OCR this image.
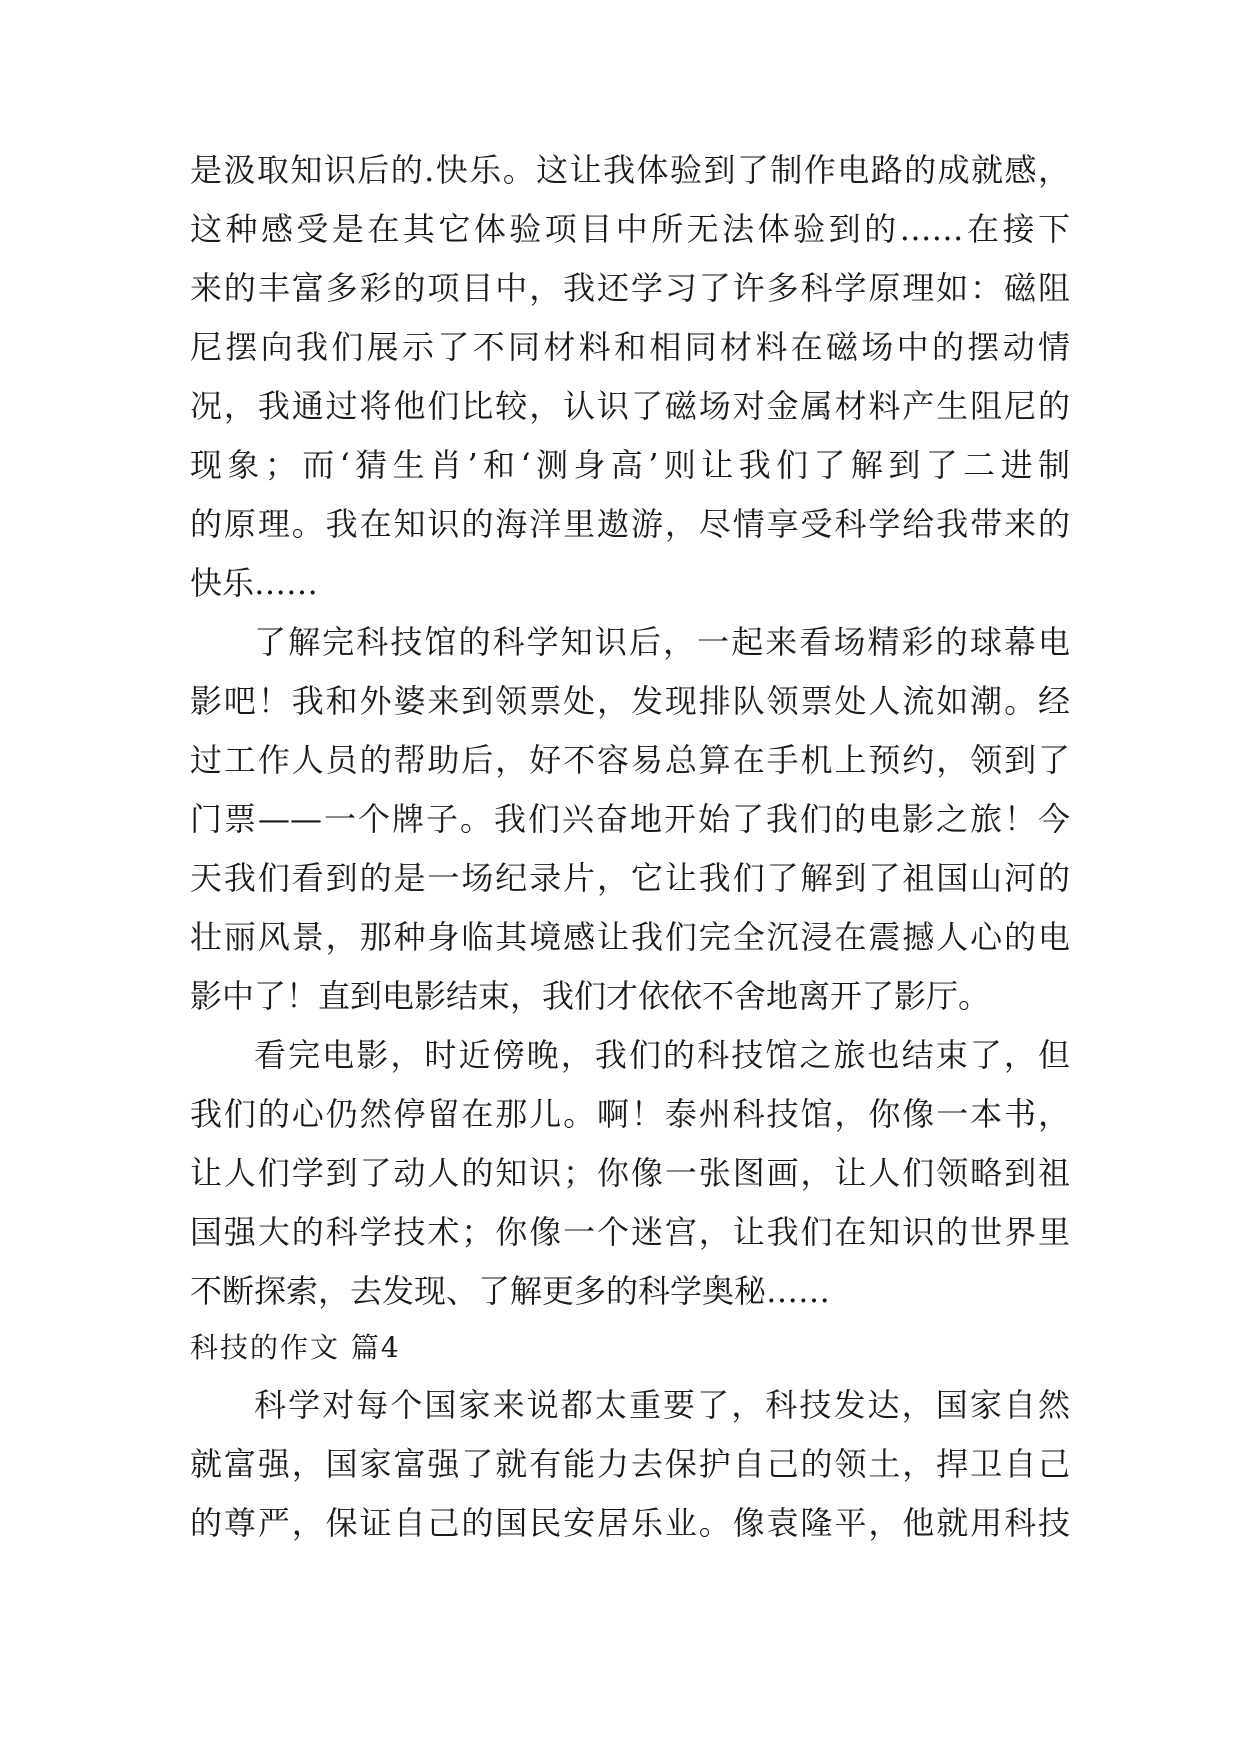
是汲取知识后的.快乐。这让我体验到了制作电路的成就感，
这种感受是在其它体验项目中所无法体验到的……在接下
来的丰富多彩的项目中，我还学习了许多科学原理如：磁阻
尼摆向我们展示了不同材料和相同材料在磁场中的摆动情
况，我通过将他们比较，认识了磁场对金属材料产生阻尼的
现象；而‘猜生肖’和‘测身高’则让我们了解到了二进制
的原理。我在知识的海洋里遨游，尽情享受科学给我带来的
快乐……
了解完科技馆的科学知识后，一起来看场精彩的球幕电
影吧！我和外婆来到领票处，发现排队领票处人流如潮。经
过工作人员的帮助后，好不容易总算在手机上预约，领到了
门票——一个牌子。我们兴奋地开始了我们的电影之旅！今
天我们看到的是一场纪录片，它让我们了解到了祖国山河的
壮丽风景，那种身临其境感让我们完全沉浸在震撼人心的电
影中了！直到电影结束，我们才依依不舍地离开了影厅。
看完电影，时近傍晚，我们的科技馆之旅也结束了，但
我们的心仍然停留在那儿。啊！泰州科技馆，你像一本书，
让人们学到了动人的知识；你像一张图画，让人们领略到祖
国强大的科学技术；你像一个迷宫，让我们在知识的世界里
不断探索，去发现、了解更多的科学奥秘……
科技的作文 篇4
科学对每个国家来说都太重要了，科技发达，国家自然
就富强，国家富强了就有能力去保护自己的领土，捍卫自己
的尊严，保证自己的国民安居乐业。像袁隆平，他就用科技
